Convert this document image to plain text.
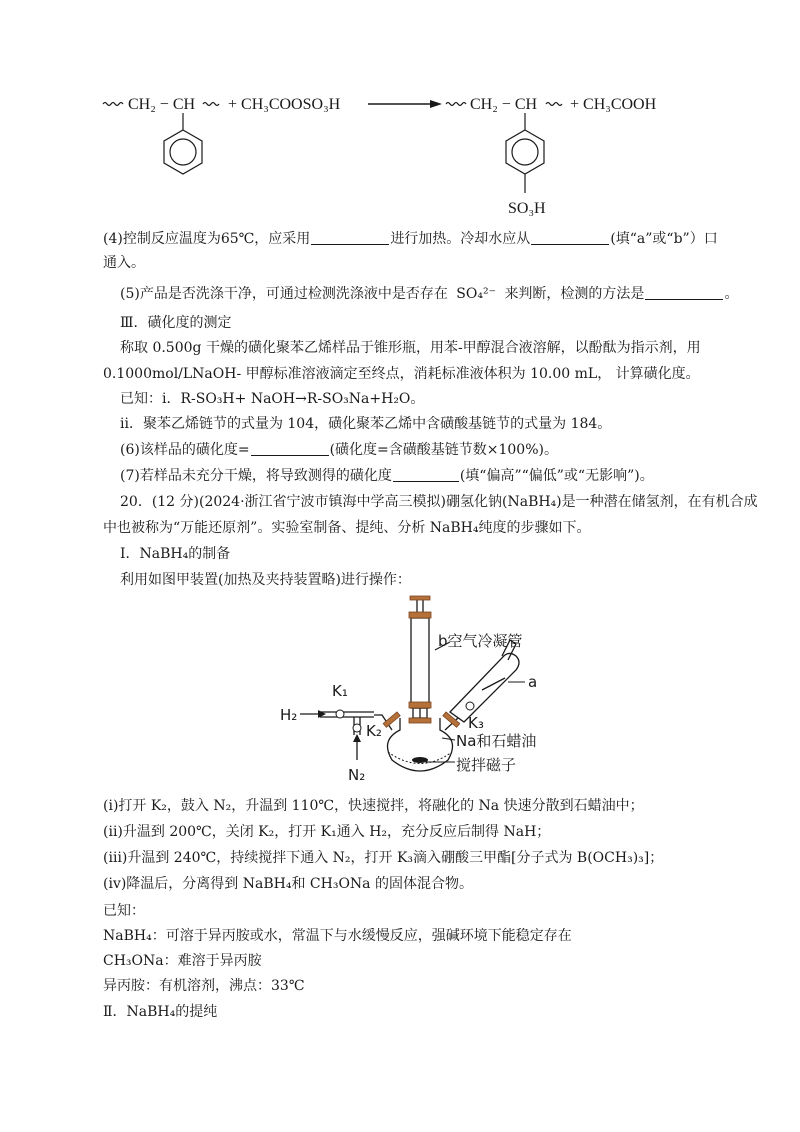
CH₂ − CH + CH₃COOSO₃H	CH₂ − CH + CH₃COOH
SO₃H
(4)控制反应温度为65℃，应采用	进行加热。冷却水应从	(填“a”或“b”）口
通入。
(5)产品是否洗涤干净，可通过检测洗涤液中是否存在 SO₄²⁻ 来判断，检测的方法是	。
Ⅲ．磺化度的测定
称取 0.500g 干燥的磺化聚苯乙烯样品于锥形瓶，用苯-甲醇混合液溶解，以酚酞为指示剂，用
0.1000mol/LNaOH- 甲醇标准溶液滴定至终点，消耗标准液体积为 10.00 mL， 计算磺化度。
已知：i．R-SO₃H+ NaOH→R-SO₃Na+H₂O。
ii．聚苯乙烯链节的式量为 104，磺化聚苯乙烯中含磺酸基链节的式量为 184。
(6)该样品的磺化度=	(磺化度=含磺酸基链节数×100%)。
(7)若样品未充分干燥，将导致测得的磺化度	(填“偏高”“偏低”或“无影响”)。
20．(12 分)(2024·浙江省宁波市镇海中学高三模拟)硼氢化钠(NaBH₄)是一种潜在储氢剂，在有机合成
中也被称为“万能还原剂”。实验室制备、提纯、分析 NaBH₄纯度的步骤如下。
Ⅰ．NaBH₄的制备
利用如图甲装置(加热及夹持装置略)进行操作：
b空气冷凝管
a
K₁
K₂	K₃
H₂
N₂
Na和石蜡油
搅拌磁子
(ⅰ)打开 K₂，鼓入 N₂，升温到 110℃，快速搅拌，将融化的 Na 快速分散到石蜡油中；
(ⅱ)升温到 200℃，关闭 K₂，打开 K₁通入 H₂，充分反应后制得 NaH；
(ⅲ)升温到 240℃，持续搅拌下通入 N₂，打开 K₃滴入硼酸三甲酯[分子式为 B(OCH₃)₃]；
(ⅳ)降温后，分离得到 NaBH₄和 CH₃ONa 的固体混合物。
已知：
NaBH₄：可溶于异丙胺或水，常温下与水缓慢反应，强碱环境下能稳定存在
CH₃ONa：难溶于异丙胺
异丙胺：有机溶剂，沸点：33℃
Ⅱ．NaBH₄的提纯
